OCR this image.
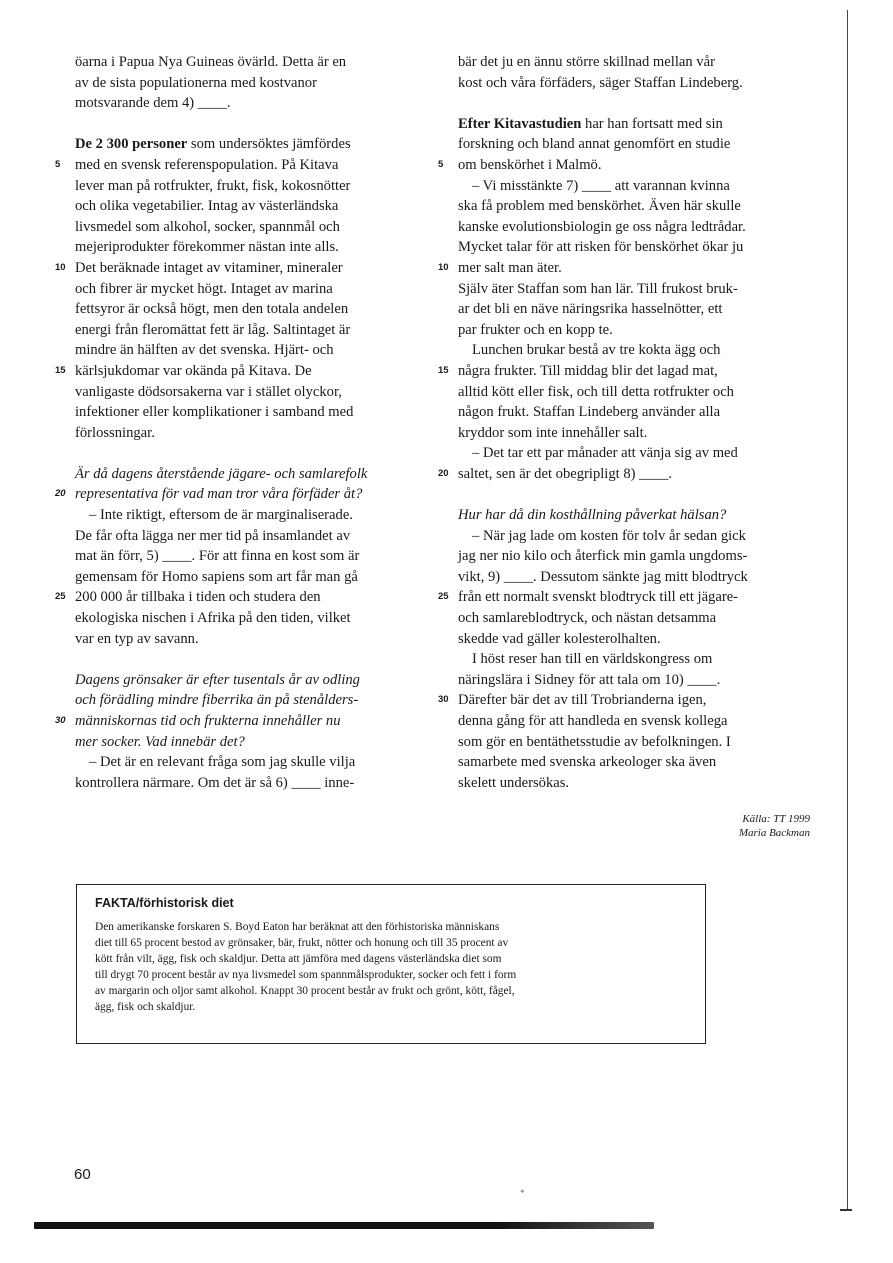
öarna i Papua Nya Guineas övärld. Detta är en
av de sista populationerna med kostvanor
motsvarande dem 4) ____.
De 2 300 personer som undersöktes jämfördes
5	med en svensk referenspopulation. På Kitava
lever man på rotfrukter, frukt, fisk, kokosnötter
och olika vegetabilier. Intag av västerländska
livsmedel som alkohol, socker, spannmål och
mejeriprodukter förekommer nästan inte alls.
10 Det beräknade intaget av vitaminer, mineraler
och fibrer är mycket högt. Intaget av marina
fettsyror är också högt, men den totala andelen
energi från fleromättat fett är låg. Saltintaget är
mindre än hälften av det svenska. Hjärt- och
15 kärlsjukdomar var okända på Kitava. De
vanligaste dödsorsakerna var i stället olyckor,
infektioner eller komplikationer i samband med
förlossningar.
Är då dagens återstående jägare- och samlarefolk
20 representativa för vad man tror våra förfäder åt?
– Inte riktigt, eftersom de är marginaliserade.
De får ofta lägga ner mer tid på insamlandet av
mat än förr, 5) ____. För att finna en kost som är
gemensam för Homo sapiens som art får man gå
25 200 000 år tillbaka i tiden och studera den
ekologiska nischen i Afrika på den tiden, vilket
var en typ av savann.
Dagens grönsaker är efter tusentals år av odling
och förädling mindre fiberrika än på stenålders-
30 människornas tid och frukterna innehåller nu
mer socker. Vad innebär det?
– Det är en relevant fråga som jag skulle vilja
kontrollera närmare. Om det är så 6) ____ inne-
bär det ju en ännu större skillnad mellan vår
kost och våra förfäders, säger Staffan Lindeberg.
Efter Kitavastudien har han fortsatt med sin
forskning och bland annat genomfört en studie
5	om benskörhet i Malmö.
– Vi misstänkte 7) ____ att varannan kvinna
ska få problem med benskörhet. Även här skulle
kanske evolutionsbiologin ge oss några ledtrådar.
Mycket talar för att risken för benskörhet ökar ju
10 mer salt man äter.
Själv äter Staffan som han lär. Till frukost bruk-
ar det bli en näve näringsrika hasselnötter, ett
par frukter och en kopp te.
Lunchen brukar bestå av tre kokta ägg och
15 några frukter. Till middag blir det lagad mat,
alltid kött eller fisk, och till detta rotfrukter och
någon frukt. Staffan Lindeberg använder alla
kryddor som inte innehåller salt.
– Det tar ett par månader att vänja sig av med
20 saltet, sen är det obegripligt 8) ____.
Hur har då din kosthållning påverkat hälsan?
– När jag lade om kosten för tolv år sedan gick
jag ner nio kilo och återfick min gamla ungdoms-
vikt, 9) ____. Dessutom sänkte jag mitt blodtryck
25 från ett normalt svenskt blodtryck till ett jägare-
och samlareblodtryck, och nästan detsamma
skedde vad gäller kolesterolhalten.
I höst reser han till en världskongress om
näringslära i Sidney för att tala om 10) ____.
30 Därefter bär det av till Trobrianderna igen,
denna gång för att handleda en svensk kollega
som gör en bentäthetsstudie av befolkningen. I
samarbete med svenska arkeologer ska även
skelett undersökas.
Källa: TT 1999
Maria Backman
FAKTA/förhistorisk diet
Den amerikanske forskaren S. Boyd Eaton har beräknat att den förhistoriska människans
diet till 65 procent bestod av grönsaker, bär, frukt, nötter och honung och till 35 procent av
kött från vilt, ägg, fisk och skaldjur. Detta att jämföra med dagens västerländska diet som
till drygt 70 procent består av nya livsmedel som spannmålsprodukter, socker och fett i form
av margarin och oljor samt alkohol. Knappt 30 procent består av frukt och grönt, kött, fågel,
ägg, fisk och skaldjur.
60
*
